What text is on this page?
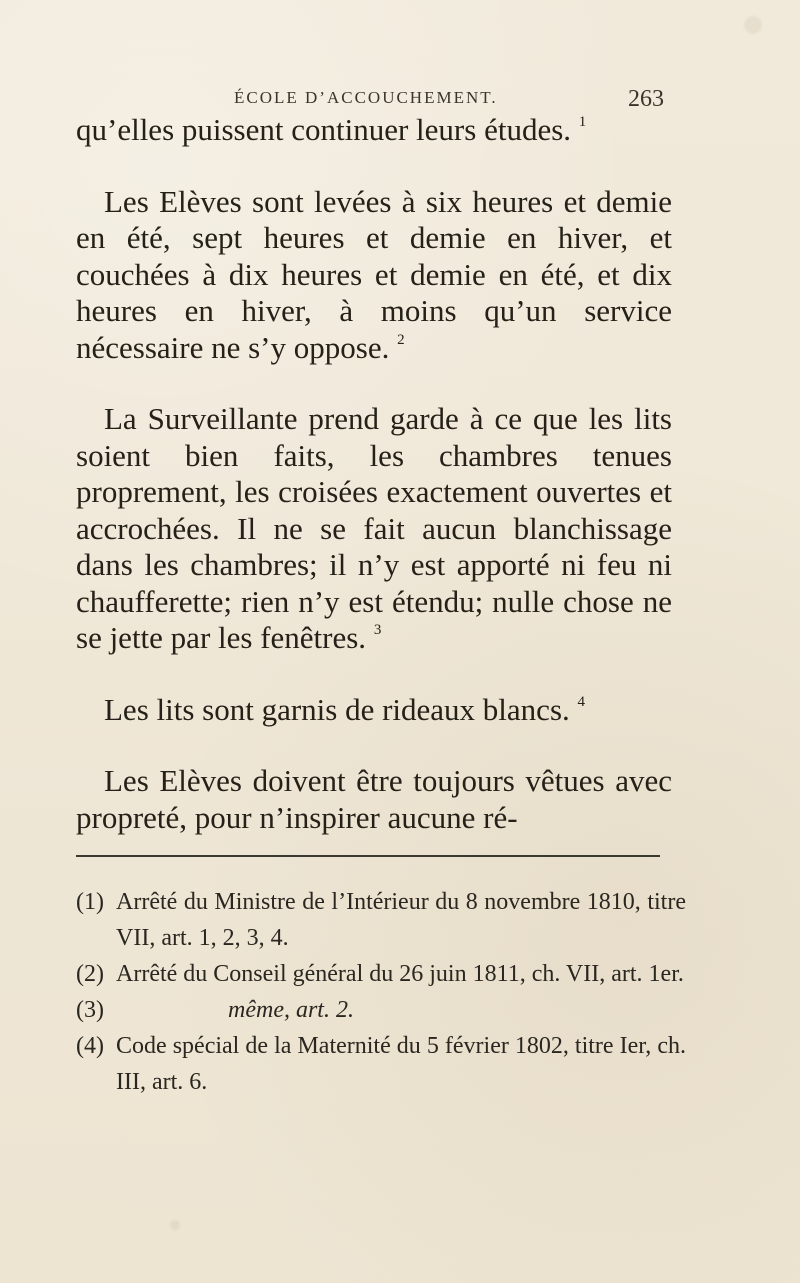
ÉCOLE D’ACCOUCHEMENT.	263

qu’elles puissent continuer leurs études. $^1$

Les Elèves sont levées à six heures et demie en été, sept heures et demie en hiver, et couchées à dix heures et demie en été, et dix heures en hiver, à moins qu’un service nécessaire ne s’y oppose. $^2$

La Surveillante prend garde à ce que les lits soient bien faits, les chambres tenues proprement, les croisées exactement ouvertes et accrochées. Il ne se fait aucun blanchissage dans les chambres; il n’y est apporté ni feu ni chaufferette; rien n’y est étendu; nulle chose ne se jette par les fenêtres. $^3$

Les lits sont garnis de rideaux blancs. $^4$

Les Elèves doivent être toujours vêtues avec propreté, pour n’inspirer aucune ré-

(1) Arrêté du Ministre de l’Intérieur du 8 novembre 1810, titre VII, art. 1, 2, 3, 4.

(2) Arrêté du Conseil général du 26 juin 1811, ch. VII, art. 1er.

(3)	même, art. 2.

(4) Code spécial de la Maternité du 5 février 1802, titre Ier, ch. III, art. 6.
